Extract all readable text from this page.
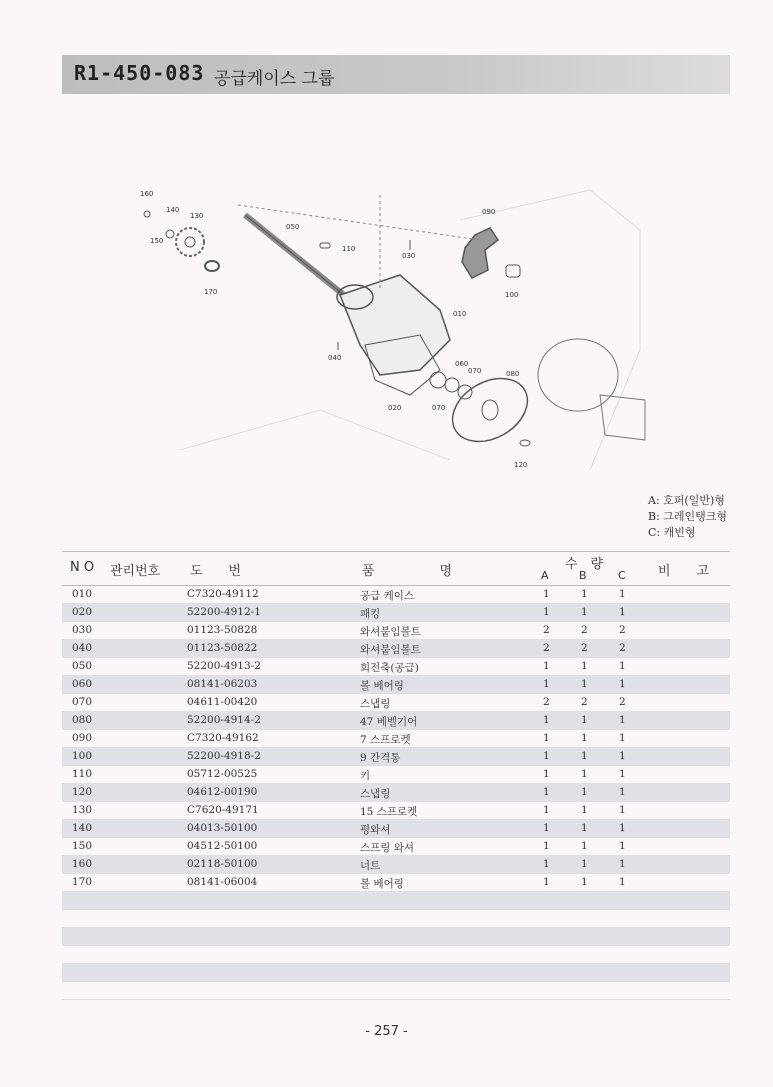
R1-450-083 공급케이스 그룹
160
140
130
150
170
050
110
030
090
100
010
040
060
070	080
020	070
120
A: 호퍼(일반)형
B: 그레인탱크형
C: 캐빈형
N O 관리번호 도　　번	품　　　　　명	수　량
A	B	C 비　　고
010	C7320-49112	공급 케이스	1	1	1
020	52200-4912-1	패킹	1	1	1
030	01123-50828	와셔붙임볼트	2	2	2
040	01123-50822	와셔붙임볼트	2	2	2
050	52200-4913-2	회전축(공급)	1	1	1
060	08141-06203	볼 베어링	1	1	1
070	04611-00420	스냅링	2	2	2
080	52200-4914-2	47 베벨기어	1	1	1
090	C7320-49162	7 스프로켓	1	1	1
100	52200-4918-2	9 간격통	1	1	1
110	05712-00525	키	1	1	1
120	04612-00190	스냅링	1	1	1
130	C7620-49171	15 스프로켓	1	1	1
140	04013-50100	평와셔	1	1	1
150	04512-50100	스프링 와셔	1	1	1
160	02118-50100	너트	1	1	1
170	08141-06004	볼 베어링	1	1	1
- 257 -
